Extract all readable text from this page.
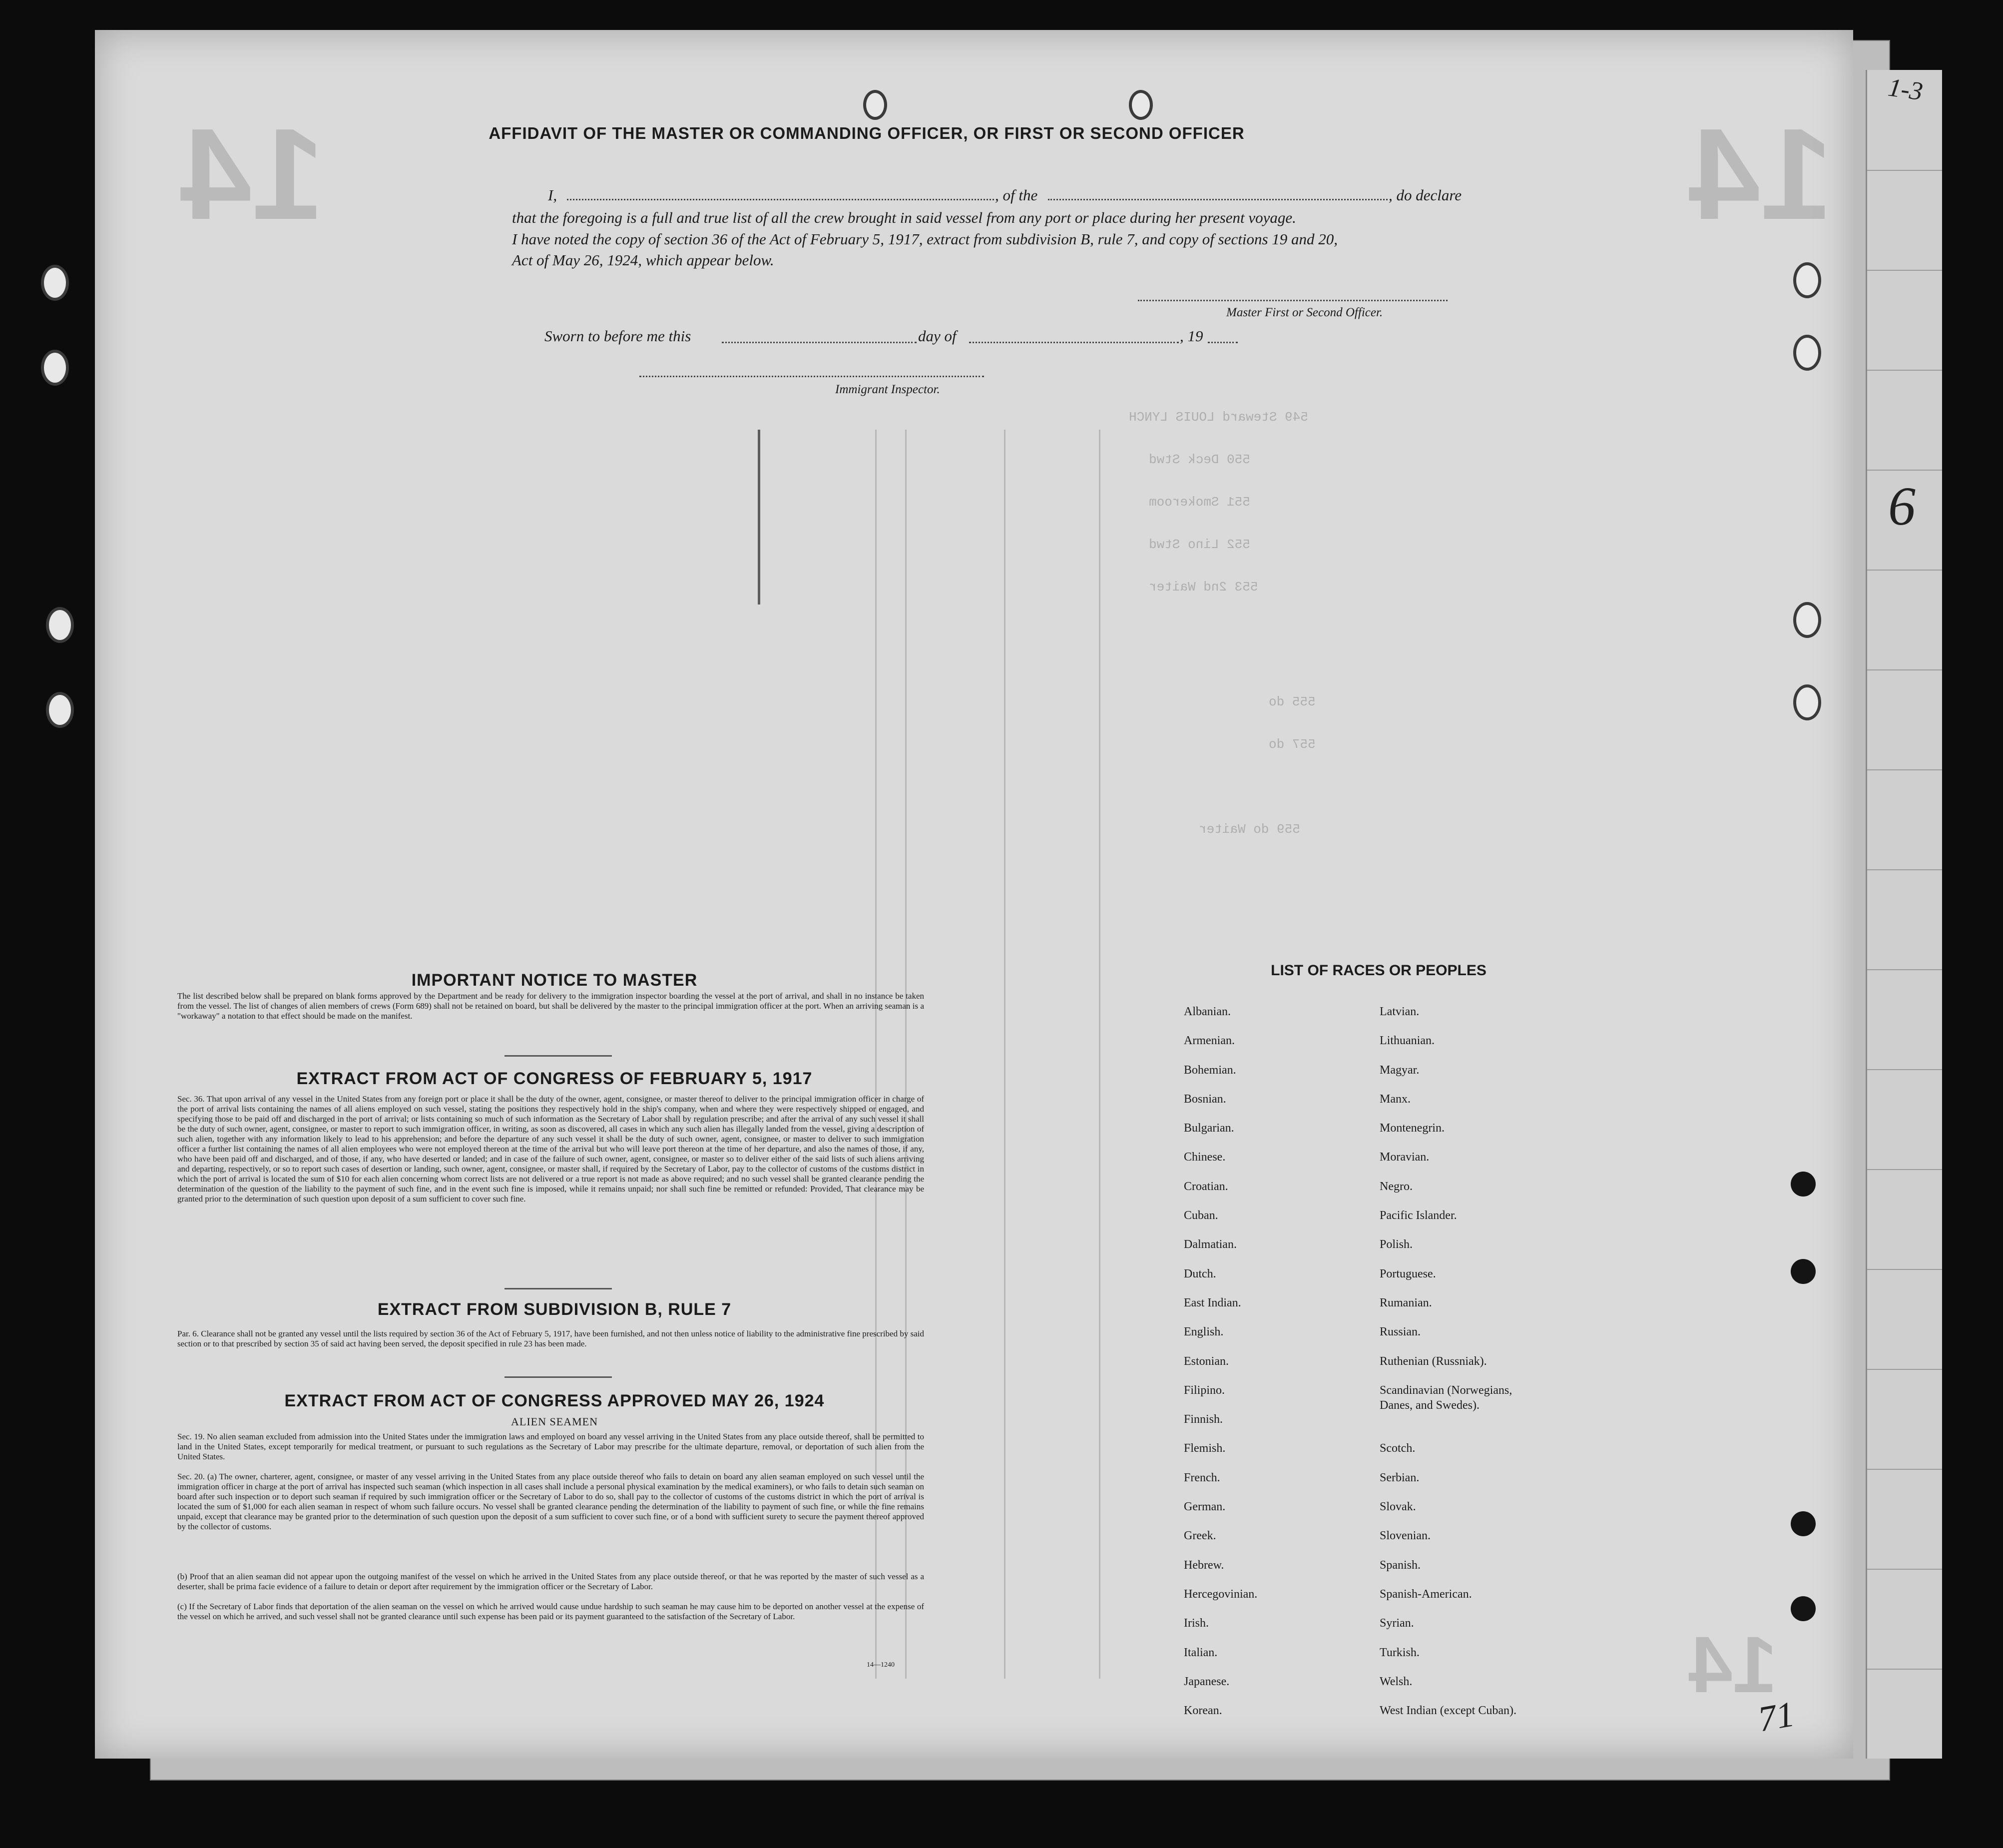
14	14
14
549 Steward LOUIS LYNCH
550 Deck Stwd
551 Smokeroom
552 Lino Stwd
553 2nd Waiter
555 do
557 do
559 do Waiter
AFFIDAVIT OF THE MASTER OR COMMANDING OFFICER, OR FIRST OR SECOND OFFICER
I,	, of the	, do declare
that the foregoing is a full and true list of all the crew brought in said vessel from any port or place during her present voyage.
I have noted the copy of section 36 of the Act of February 5, 1917, extract from subdivision B, rule 7, and copy of sections 19 and 20,
Act of May 26, 1924, which appear below.
Master First or Second Officer.
Sworn to before me this	day of	, 19
Immigrant Inspector.
IMPORTANT NOTICE TO MASTER
The list described below shall be prepared on blank forms approved by the Department and be ready for delivery to the immigration inspector boarding the vessel at the port of arrival, and shall in no instance be taken from the vessel. The list of changes of alien members of crews (Form 689) shall not be retained on board, but shall be delivered by the master to the principal immigration officer at the port. When an arriving seaman is a "workaway" a notation to that effect should be made on the manifest.
EXTRACT FROM ACT OF CONGRESS OF FEBRUARY 5, 1917
Sec. 36. That upon arrival of any vessel in the United States from any foreign port or place it shall be the duty of the owner, agent, consignee, or master thereof to deliver to the principal immigration officer in charge of the port of arrival lists containing the names of all aliens employed on such vessel, stating the positions they respectively hold in the ship's company, when and where they were respectively shipped or engaged, and specifying those to be paid off and discharged in the port of arrival; or lists containing so much of such information as the Secretary of Labor shall by regulation prescribe; and after the arrival of any such vessel it shall be the duty of such owner, agent, consignee, or master to report to such immigration officer, in writing, as soon as discovered, all cases in which any such alien has illegally landed from the vessel, giving a description of such alien, together with any information likely to lead to his apprehension; and before the departure of any such vessel it shall be the duty of such owner, agent, consignee, or master to deliver to such immigration officer a further list containing the names of all alien employees who were not employed thereon at the time of the arrival but who will leave port thereon at the time of her departure, and also the names of those, if any, who have been paid off and discharged, and of those, if any, who have deserted or landed; and in case of the failure of such owner, agent, consignee, or master so to deliver either of the said lists of such aliens arriving and departing, respectively, or so to report such cases of desertion or landing, such owner, agent, consignee, or master shall, if required by the Secretary of Labor, pay to the collector of customs of the customs district in which the port of arrival is located the sum of $10 for each alien concerning whom correct lists are not delivered or a true report is not made as above required; and no such vessel shall be granted clearance pending the determination of the question of the liability to the payment of such fine, and in the event such fine is imposed, while it remains unpaid; nor shall such fine be remitted or refunded: Provided, That clearance may be granted prior to the determination of such question upon deposit of a sum sufficient to cover such fine.
EXTRACT FROM SUBDIVISION B, RULE 7
Par. 6. Clearance shall not be granted any vessel until the lists required by section 36 of the Act of February 5, 1917, have been furnished, and not then unless notice of liability to the administrative fine prescribed by said section or to that prescribed by section 35 of said act having been served, the deposit specified in rule 23 has been made.
EXTRACT FROM ACT OF CONGRESS APPROVED MAY 26, 1924
ALIEN SEAMEN
Sec. 19. No alien seaman excluded from admission into the United States under the immigration laws and employed on board any vessel arriving in the United States from any place outside thereof, shall be permitted to land in the United States, except temporarily for medical treatment, or pursuant to such regulations as the Secretary of Labor may prescribe for the ultimate departure, removal, or deportation of such alien from the United States.
Sec. 20. (a) The owner, charterer, agent, consignee, or master of any vessel arriving in the United States from any place outside thereof who fails to detain on board any alien seaman employed on such vessel until the immigration officer in charge at the port of arrival has inspected such seaman (which inspection in all cases shall include a personal physical examination by the medical examiners), or who fails to detain such seaman on board after such inspection or to deport such seaman if required by such immigration officer or the Secretary of Labor to do so, shall pay to the collector of customs of the customs district in which the port of arrival is located the sum of $1,000 for each alien seaman in respect of whom such failure occurs. No vessel shall be granted clearance pending the determination of the liability to payment of such fine, or while the fine remains unpaid, except that clearance may be granted prior to the determination of such question upon the deposit of a sum sufficient to cover such fine, or of a bond with sufficient surety to secure the payment thereof approved by the collector of customs.
(b) Proof that an alien seaman did not appear upon the outgoing manifest of the vessel on which he arrived in the United States from any place outside thereof, or that he was reported by the master of such vessel as a deserter, shall be prima facie evidence of a failure to detain or deport after requirement by the immigration officer or the Secretary of Labor.
(c) If the Secretary of Labor finds that deportation of the alien seaman on the vessel on which he arrived would cause undue hardship to such seaman he may cause him to be deported on another vessel at the expense of the vessel on which he arrived, and such vessel shall not be granted clearance until such expense has been paid or its payment guaranteed to the satisfaction of the Secretary of Labor.
14—1240
LIST OF RACES OR PEOPLES
Albanian.
Armenian.
Bohemian.
Bosnian.
Bulgarian.
Chinese.
Croatian.
Cuban.
Dalmatian.
Dutch.
East Indian.
English.
Estonian.
Filipino.
Finnish.
Flemish.
French.
German.
Greek.
Hebrew.
Hercegovinian.
Irish.
Italian.
Japanese.
Korean.
Latvian.
Lithuanian.
Magyar.
Manx.
Montenegrin.
Moravian.
Negro.
Pacific Islander.
Polish.
Portuguese.
Rumanian.
Russian.
Ruthenian (Russniak).
Scandinavian (Norwegians,
Danes, and Swedes).
Scotch.
Serbian.
Slovak.
Slovenian.
Spanish.
Spanish-American.
Syrian.
Turkish.
Welsh.
West Indian (except Cuban).
1-3
6
71
